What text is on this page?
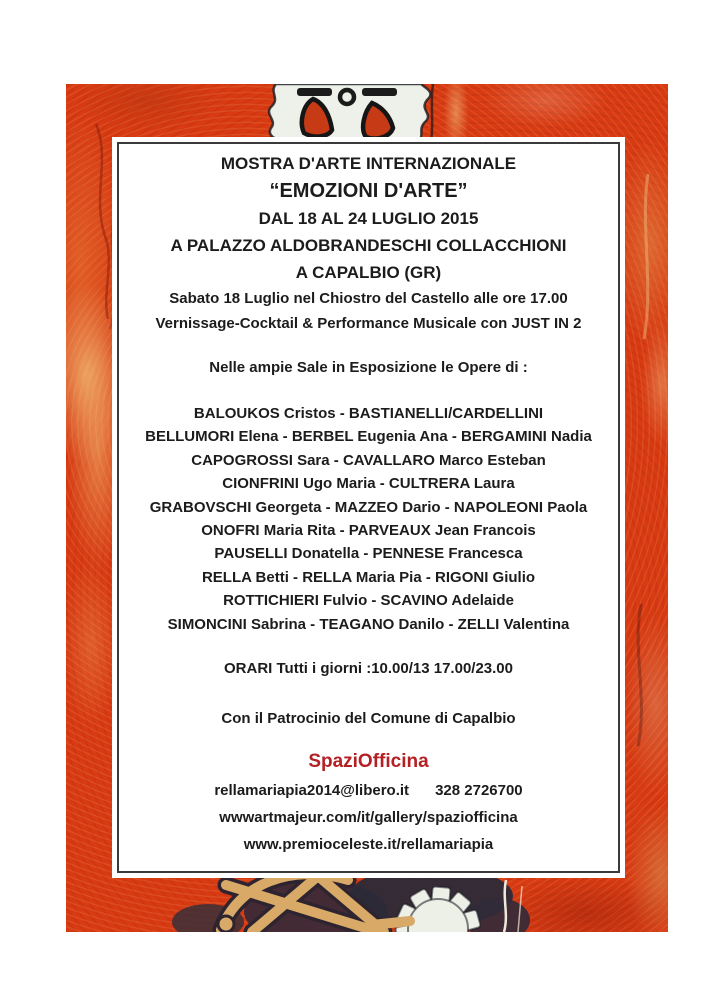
MOSTRA D'ARTE INTERNAZIONALE
“EMOZIONI D'ARTE”
DAL 18 AL 24 LUGLIO 2015
A PALAZZO ALDOBRANDESCHI COLLACCHIONI
A CAPALBIO (GR)
Sabato 18 Luglio nel Chiostro del Castello alle ore 17.00
Vernissage-Cocktail & Performance Musicale con JUST IN 2
Nelle ampie Sale in Esposizione le Opere di :
BALOUKOS Cristos - BASTIANELLI/CARDELLINI
BELLUMORI Elena - BERBEL Eugenia Ana - BERGAMINI Nadia
CAPOGROSSI Sara - CAVALLARO Marco Esteban
CIONFRINI Ugo Maria - CULTRERA Laura
GRABOVSCHI Georgeta - MAZZEO Dario - NAPOLEONI Paola
ONOFRI Maria Rita - PARVEAUX Jean Francois
PAUSELLI Donatella - PENNESE Francesca
RELLA Betti - RELLA Maria Pia - RIGONI Giulio
ROTTICHIERI Fulvio - SCAVINO Adelaide
SIMONCINI Sabrina - TEAGANO Danilo - ZELLI Valentina
ORARI Tutti i giorni :10.00/13 17.00/23.00
Con il Patrocinio del Comune di Capalbio
SpaziOfficina
rellamariapia2014@libero.it 328 2726700
wwwartmajeur.com/it/gallery/spaziofficina
www.premioceleste.it/rellamariapia
